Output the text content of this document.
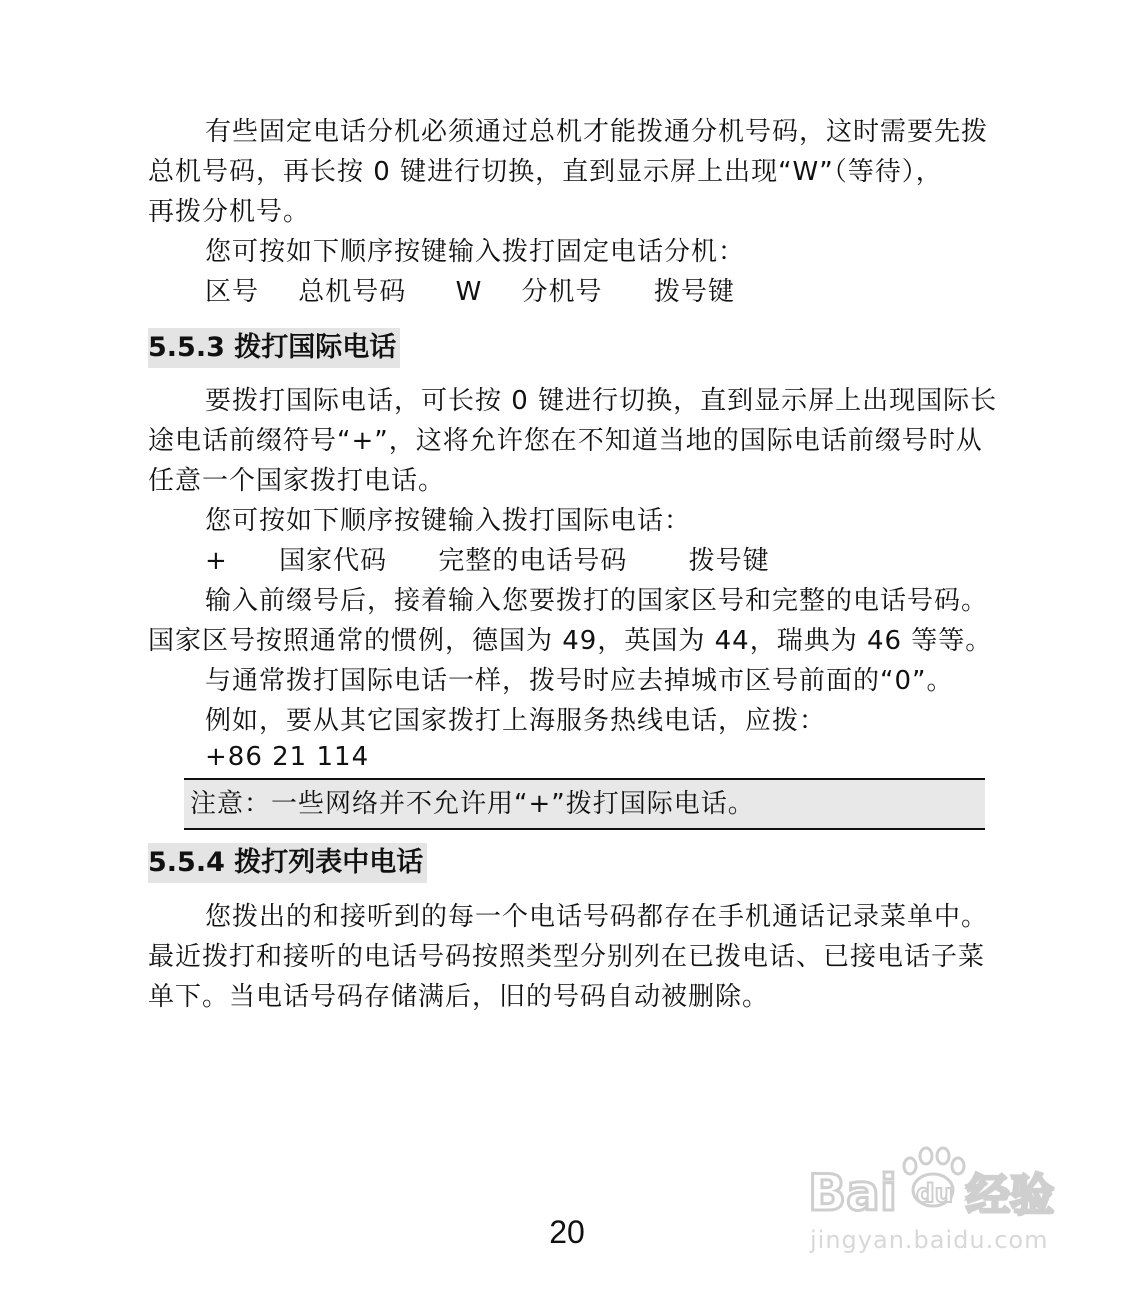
有些固定电话分机必须通过总机才能拨通分机号码，这时需要先拨
总机号码，再长按 0 键进行切换，直到显示屏上出现“W”（等待），
再拨分机号。
您可按如下顺序按键输入拨打固定电话分机：
区号 总机号码 W 分机号 拨号键
5.5.3 拨打国际电话
要拨打国际电话，可长按 0 键进行切换，直到显示屏上出现国际长
途电话前缀符号“+”，这将允许您在不知道当地的国际电话前缀号时从
任意一个国家拨打电话。
您可按如下顺序按键输入拨打国际电话：
+ 国家代码 完整的电话号码 拨号键
输入前缀号后，接着输入您要拨打的国家区号和完整的电话号码。
国家区号按照通常的惯例，德国为 49，英国为 44，瑞典为 46 等等。
与通常拨打国际电话一样，拨号时应去掉城市区号前面的“0”。
例如，要从其它国家拨打上海服务热线电话，应拨：
+86 21 114
注意：一些网络并不允许用“+”拨打国际电话。
5.5.4 拨打列表中电话
您拨出的和接听到的每一个电话号码都存在手机通话记录菜单中。
最近拨打和接听的电话号码按照类型分别列在已拨电话、已接电话子菜
单下。当电话号码存储满后，旧的号码自动被删除。
Bai du 经验
jingyan.baidu.com
20
